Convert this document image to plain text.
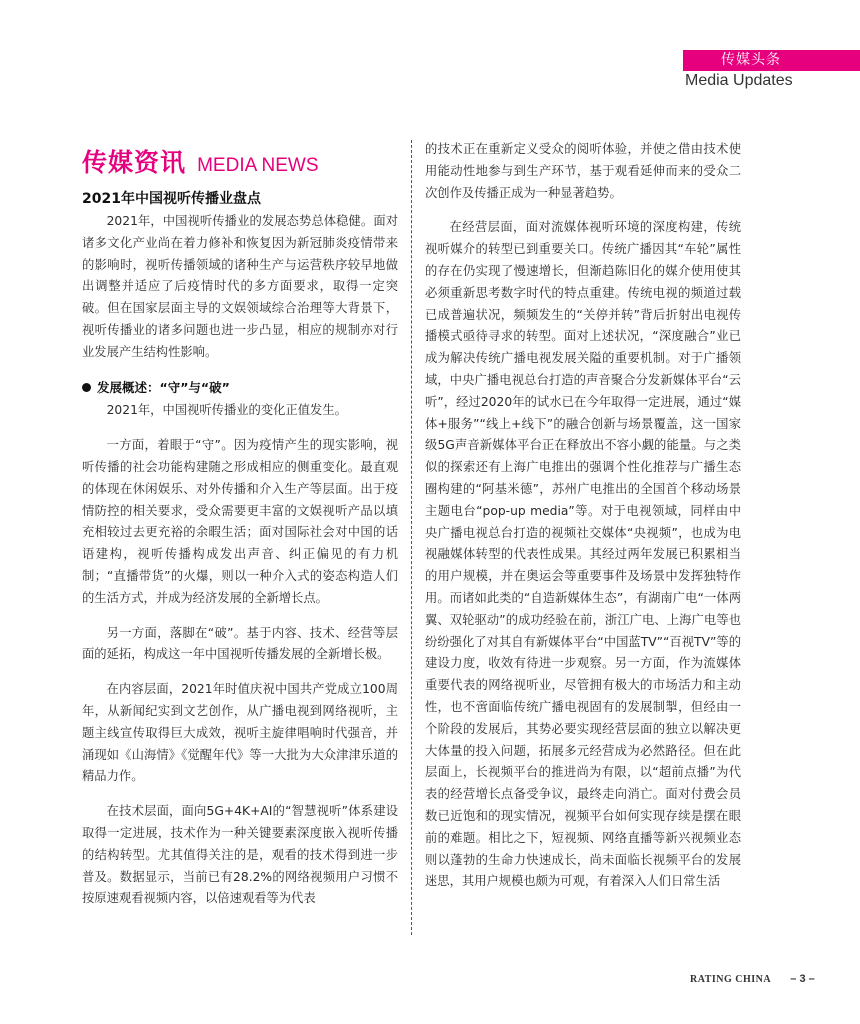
传媒头条
Media Updates
传媒资讯 MEDIA NEWS
2021年中国视听传播业盘点

2021年，中国视听传播业的发展态势总体稳健。面对诸多文化产业尚在着力修补和恢复因为新冠肺炎疫情带来的影响时，视听传播领域的诸种生产与运营秩序较早地做出调整并适应了后疫情时代的多方面要求，取得一定突破。但在国家层面主导的文娱领域综合治理等大背景下，视听传播业的诸多问题也进一步凸显，相应的规制亦对行业发展产生结构性影响。

发展概述：“守”与“破”

2021年，中国视听传播业的变化正值发生。

一方面，着眼于“守”。因为疫情产生的现实影响，视听传播的社会功能构建随之形成相应的侧重变化。最直观的体现在休闲娱乐、对外传播和介入生产等层面。出于疫情防控的相关要求，受众需要更丰富的文娱视听产品以填充相较过去更充裕的余暇生活；面对国际社会对中国的话语建构，视听传播构成发出声音、纠正偏见的有力机制；“直播带货”的火爆，则以一种介入式的姿态构造人们的生活方式，并成为经济发展的全新增长点。

另一方面，落脚在“破”。基于内容、技术、经营等层面的延拓，构成这一年中国视听传播发展的全新增长极。

在内容层面，2021年时值庆祝中国共产党成立100周年，从新闻纪实到文艺创作，从广播电视到网络视听，主题主线宣传取得巨大成效，视听主旋律唱响时代强音，并涌现如《山海情》《觉醒年代》等一大批为大众津津乐道的精品力作。

在技术层面，面向5G+4K+AI的“智慧视听”体系建设取得一定进展，技术作为一种关键要素深度嵌入视听传播的结构转型。尤其值得关注的是，观看的技术得到进一步普及。数据显示，当前已有28.2%的网络视频用户习惯不按原速观看视频内容，以倍速观看等为代表

的技术正在重新定义受众的阅听体验，并使之借由技术使用能动性地参与到生产环节，基于观看延伸而来的受众二次创作及传播正成为一种显著趋势。

在经营层面，面对流媒体视听环境的深度构建，传统视听媒介的转型已到重要关口。传统广播因其“车轮”属性的存在仍实现了慢速增长，但渐趋陈旧化的媒介使用使其必须重新思考数字时代的特点重建。传统电视的频道过载已成普遍状况，频频发生的“关停并转”背后折射出电视传播模式亟待寻求的转型。面对上述状况，“深度融合”业已成为解决传统广播电视发展关隘的重要机制。对于广播领域，中央广播电视总台打造的声音聚合分发新媒体平台“云听”，经过2020年的试水已在今年取得一定进展，通过“媒体+服务”“线上+线下”的融合创新与场景覆盖，这一国家级5G声音新媒体平台正在释放出不容小觑的能量。与之类似的探索还有上海广电推出的强调个性化推荐与广播生态圈构建的“阿基米德”，苏州广电推出的全国首个移动场景主题电台“pop-up media”等。对于电视领域，同样由中央广播电视总台打造的视频社交媒体“央视频”，也成为电视融媒体转型的代表性成果。其经过两年发展已积累相当的用户规模，并在奥运会等重要事件及场景中发挥独特作用。而诸如此类的“自造新媒体生态”，有湖南广电“一体两翼、双轮驱动”的成功经验在前，浙江广电、上海广电等也纷纷强化了对其自有新媒体平台“中国蓝TV”“百视TV”等的建设力度，收效有待进一步观察。另一方面，作为流媒体重要代表的网络视听业，尽管拥有极大的市场活力和主动性，也不啻面临传统广播电视固有的发展制掣，但经由一个阶段的发展后，其势必要实现经营层面的独立以解决更大体量的投入问题，拓展多元经营成为必然路径。但在此层面上，长视频平台的推进尚为有限，以“超前点播”为代表的经营增长点备受争议，最终走向消亡。面对付费会员数已近饱和的现实情况，视频平台如何实现存续是摆在眼前的难题。相比之下，短视频、网络直播等新兴视频业态则以蓬勃的生命力快速成长，尚未面临长视频平台的发展迷思，其用户规模也颇为可观，有着深入人们日常生活

RATING CHINA – 3 –
